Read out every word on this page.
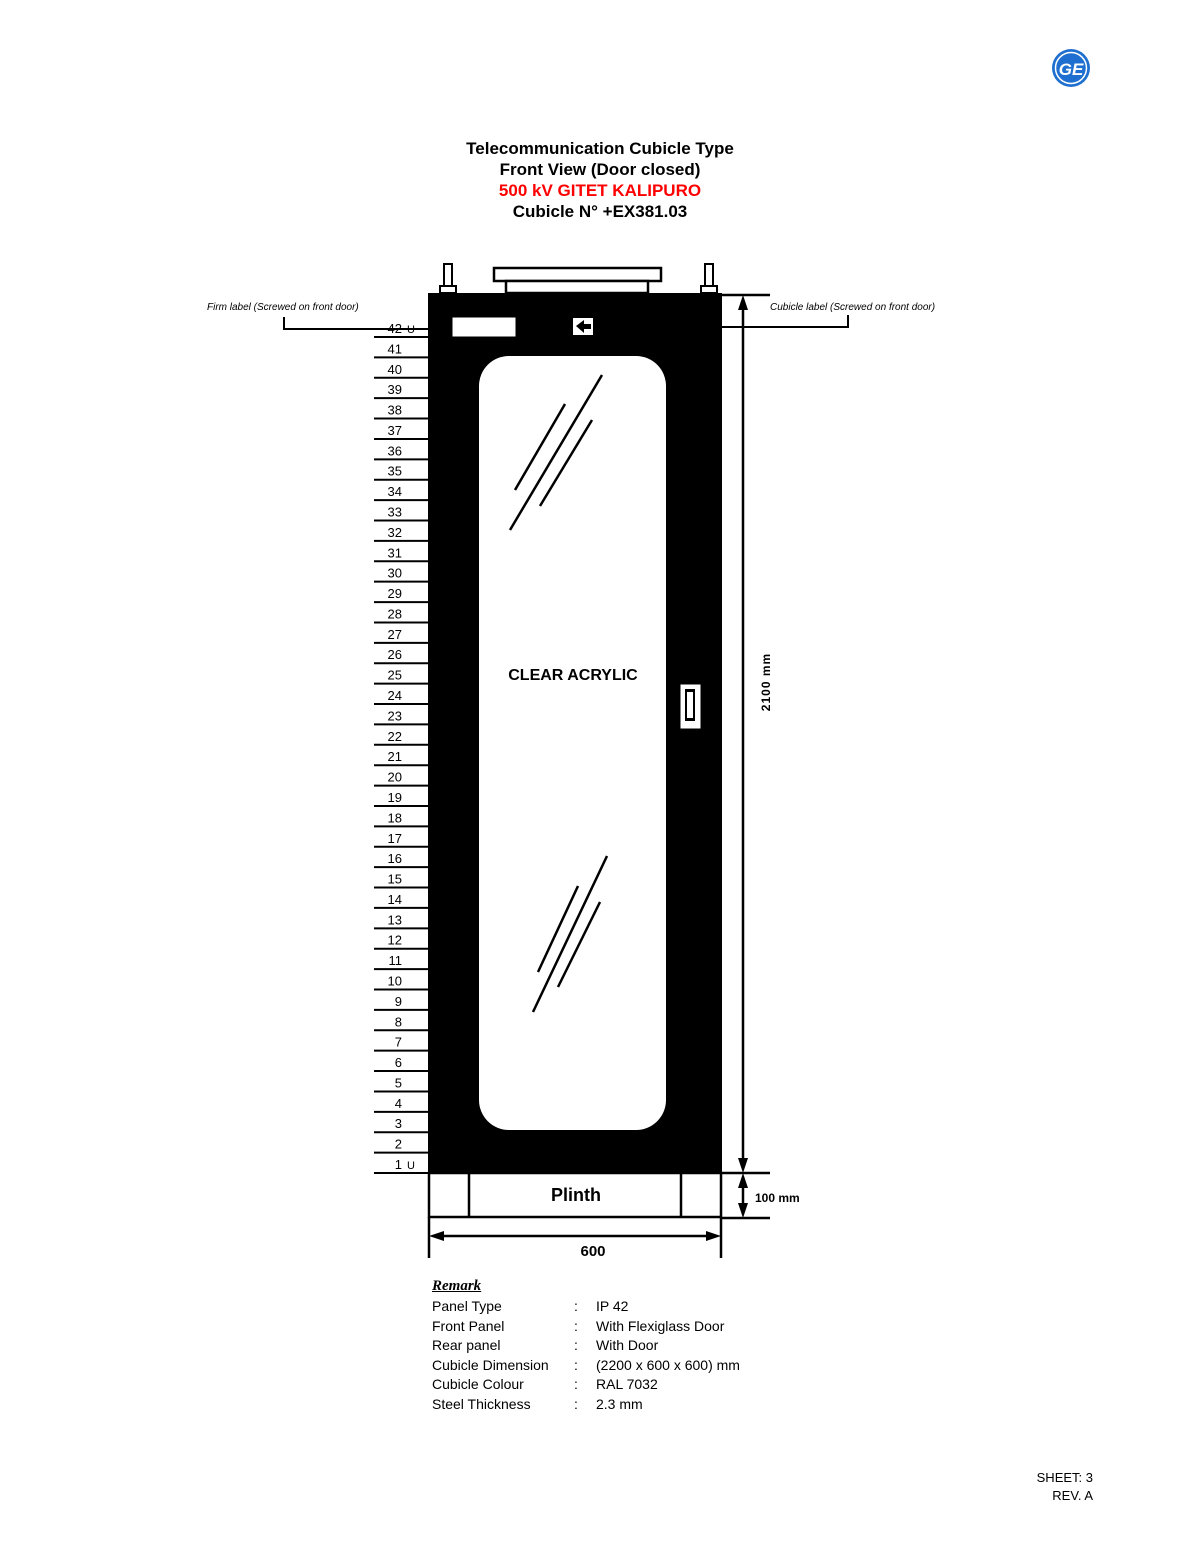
GE
CLEAR ACRYLIC
Plinth
42 U
41
40
39
38
37
36
35
34
33
32
31
30
29
28
27
26
25
24
23
22
21
20
19
18
17
16
15
14
13
12
11
10
9
8
7
6
5
4
3
2
1 U
Firm label (Screwed on front door)	Cubicle label (Screwed on front door)
2100 mm
100 mm
600
Telecommunication Cubicle Type
Front View (Door closed)
500 kV GITET KALIPURO
Cubicle N° +EX381.03
Remark
Panel Type	:	IP 42
Front Panel	:	With Flexiglass Door
Rear panel	:	With Door
Cubicle Dimension	:	(2200 x 600 x 600) mm
Cubicle Colour	:	RAL 7032
Steel Thickness	:	2.3 mm
SHEET: 3
REV. A
